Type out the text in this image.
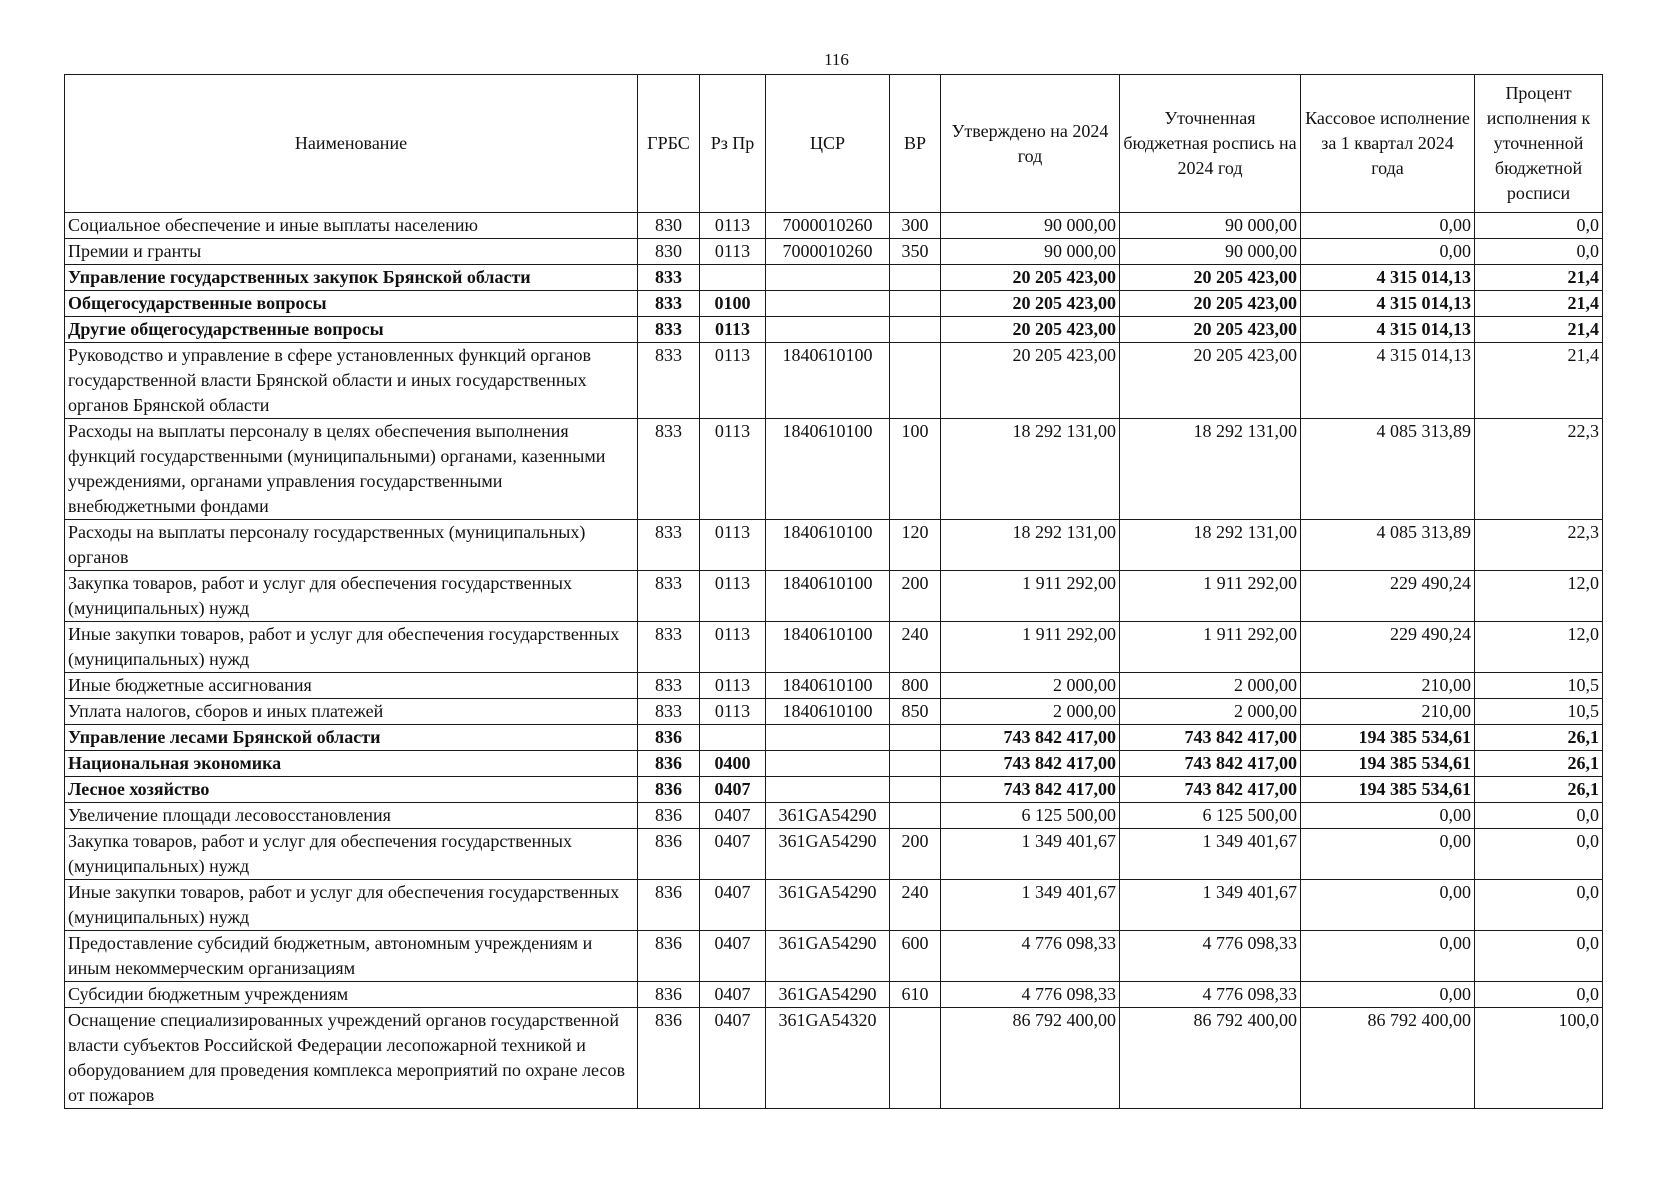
116
Наименование	ГРБС	Рз Пр	ЦСР	ВР	Утверждено на 2024 год	Уточненная бюджетная роспись на 2024 год	Кассовое исполнение за 1 квартал 2024 года	Процент исполнения к уточненной бюджетной росписи
Социальное обеспечение и иные выплаты населению	830	0113	7000010260	300	90 000,00	90 000,00	0,00	0,0
Премии и гранты	830	0113	7000010260	350	90 000,00	90 000,00	0,00	0,0
Управление государственных закупок Брянской области	833				20 205 423,00	20 205 423,00	4 315 014,13	21,4
Общегосударственные вопросы	833	0100			20 205 423,00	20 205 423,00	4 315 014,13	21,4
Другие общегосударственные вопросы	833	0113			20 205 423,00	20 205 423,00	4 315 014,13	21,4
Руководство и управление в сфере установленных функций органов государственной власти Брянской области и иных государственных органов Брянской области	833	0113	1840610100		20 205 423,00	20 205 423,00	4 315 014,13	21,4
Расходы на выплаты персоналу в целях обеспечения выполнения функций государственными (муниципальными) органами, казенными учреждениями, органами управления государственными внебюджетными фондами	833	0113	1840610100	100	18 292 131,00	18 292 131,00	4 085 313,89	22,3
Расходы на выплаты персоналу государственных (муниципальных) органов	833	0113	1840610100	120	18 292 131,00	18 292 131,00	4 085 313,89	22,3
Закупка товаров, работ и услуг для обеспечения государственных (муниципальных) нужд	833	0113	1840610100	200	1 911 292,00	1 911 292,00	229 490,24	12,0
Иные закупки товаров, работ и услуг для обеспечения государственных (муниципальных) нужд	833	0113	1840610100	240	1 911 292,00	1 911 292,00	229 490,24	12,0
Иные бюджетные ассигнования	833	0113	1840610100	800	2 000,00	2 000,00	210,00	10,5
Уплата налогов, сборов и иных платежей	833	0113	1840610100	850	2 000,00	2 000,00	210,00	10,5
Управление лесами Брянской области	836				743 842 417,00	743 842 417,00	194 385 534,61	26,1
Национальная экономика	836	0400			743 842 417,00	743 842 417,00	194 385 534,61	26,1
Лесное хозяйство	836	0407			743 842 417,00	743 842 417,00	194 385 534,61	26,1
Увеличение площади лесовосстановления	836	0407	361GA54290		6 125 500,00	6 125 500,00	0,00	0,0
Закупка товаров, работ и услуг для обеспечения государственных (муниципальных) нужд	836	0407	361GA54290	200	1 349 401,67	1 349 401,67	0,00	0,0
Иные закупки товаров, работ и услуг для обеспечения государственных (муниципальных) нужд	836	0407	361GA54290	240	1 349 401,67	1 349 401,67	0,00	0,0
Предоставление субсидий бюджетным, автономным учреждениям и иным некоммерческим организациям	836	0407	361GA54290	600	4 776 098,33	4 776 098,33	0,00	0,0
Субсидии бюджетным учреждениям	836	0407	361GA54290	610	4 776 098,33	4 776 098,33	0,00	0,0
Оснащение специализированных учреждений органов государственной власти субъектов Российской Федерации лесопожарной техникой и оборудованием для проведения комплекса мероприятий по охране лесов от пожаров	836	0407	361GA54320		86 792 400,00	86 792 400,00	86 792 400,00	100,0
